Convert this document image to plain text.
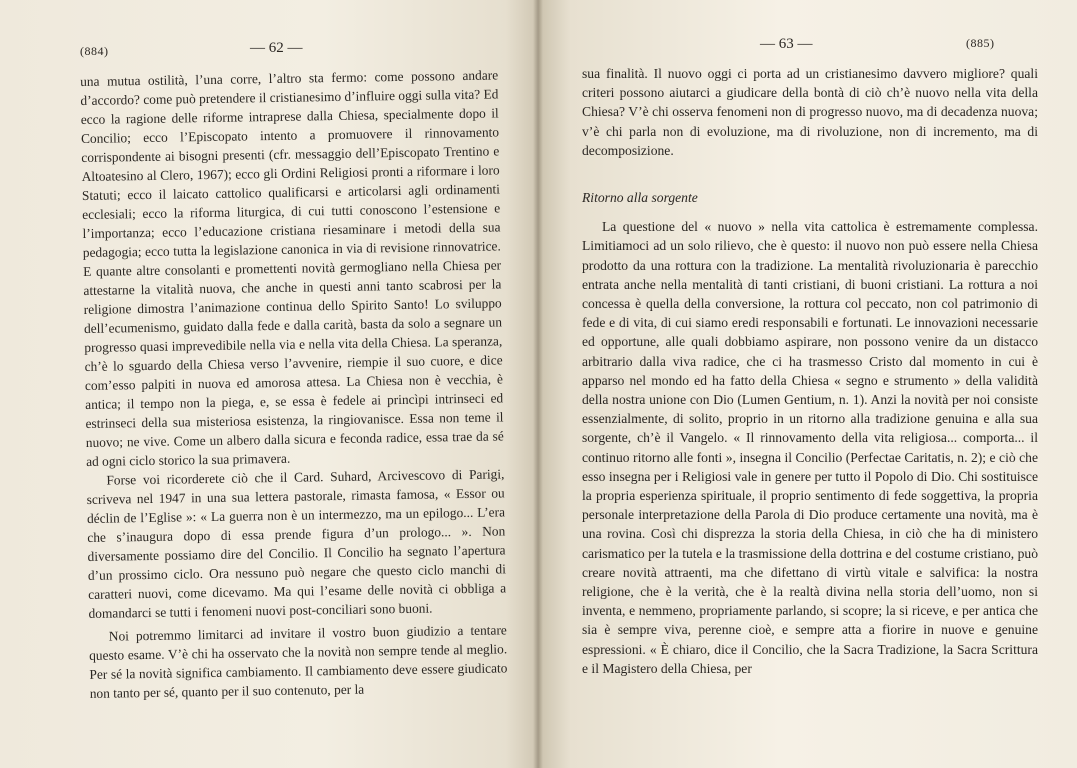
(884)	— 62 —

una mutua ostilità, l’una corre, l’altro sta fermo: come possono andare d’accordo? come può pretendere il cristianesimo d’influire oggi sulla vita? Ed ecco la ragione delle riforme intraprese dalla Chiesa, specialmente dopo il Concilio; ecco l’Episcopato intento a promuovere il rinnovamento corrispondente ai bisogni presenti (cfr. messaggio dell’Episcopato Trentino e Altoatesino al Clero, 1967); ecco gli Ordini Religiosi pronti a riformare i loro Statuti; ecco il laicato cattolico qualificarsi e articolarsi agli ordinamenti ecclesiali; ecco la riforma liturgica, di cui tutti conoscono l’estensione e l’importanza; ecco l’educazione cristiana riesaminare i metodi della sua pedagogia; ecco tutta la legislazione canonica in via di revisione rinnovatrice. E quante altre consolanti e promettenti novità germogliano nella Chiesa per attestarne la vitalità nuova, che anche in questi anni tanto scabrosi per la religione dimostra l’animazione continua dello Spirito Santo! Lo sviluppo dell’ecumenismo, guidato dalla fede e dalla carità, basta da solo a segnare un progresso quasi imprevedibile nella via e nella vita della Chiesa. La speranza, ch’è lo sguardo della Chiesa verso l’avvenire, riempie il suo cuore, e dice com’esso palpiti in nuova ed amorosa attesa. La Chiesa non è vecchia, è antica; il tempo non la piega, e, se essa è fedele ai princìpi intrinseci ed estrinseci della sua misteriosa esistenza, la ringiovanisce. Essa non teme il nuovo; ne vive. Come un albero dalla sicura e feconda radice, essa trae da sé ad ogni ciclo storico la sua primavera.

Forse voi ricorderete ciò che il Card. Suhard, Arcivescovo di Parigi, scriveva nel 1947 in una sua lettera pastorale, rimasta famosa, « Essor ou déclin de l’Eglise »: « La guerra non è un intermezzo, ma un epilogo... L’era che s’inaugura dopo di essa prende figura d’un prologo... ». Non diversamente possiamo dire del Concilio. Il Concilio ha segnato l’apertura d’un prossimo ciclo. Ora nessuno può negare che questo ciclo manchi di caratteri nuovi, come dicevamo. Ma qui l’esame delle novità ci obbliga a domandarci se tutti i fenomeni nuovi post-conciliari sono buoni.

Noi potremmo limitarci ad invitare il vostro buon giudizio a tentare questo esame. V’è chi ha osservato che la novità non sempre tende al meglio. Per sé la novità significa cambiamento. Il cambiamento deve essere giudicato non tanto per sé, quanto per il suo contenuto, per la

— 63 —	(885)

sua finalità. Il nuovo oggi ci porta ad un cristianesimo davvero migliore? quali criteri possono aiutarci a giudicare della bontà di ciò ch’è nuovo nella vita della Chiesa? V’è chi osserva fenomeni non di progresso nuovo, ma di decadenza nuova; v’è chi parla non di evoluzione, ma di rivoluzione, non di incremento, ma di decomposizione.

Ritorno alla sorgente

La questione del « nuovo » nella vita cattolica è estremamente complessa. Limitiamoci ad un solo rilievo, che è questo: il nuovo non può essere nella Chiesa prodotto da una rottura con la tradizione. La mentalità rivoluzionaria è parecchio entrata anche nella mentalità di tanti cristiani, di buoni cristiani. La rottura a noi concessa è quella della conversione, la rottura col peccato, non col patrimonio di fede e di vita, di cui siamo eredi responsabili e fortunati. Le innovazioni necessarie ed opportune, alle quali dobbiamo aspirare, non possono venire da un distacco arbitrario dalla viva radice, che ci ha trasmesso Cristo dal momento in cui è apparso nel mondo ed ha fatto della Chiesa « segno e strumento » della validità della nostra unione con Dio (Lumen Gentium, n. 1). Anzi la novità per noi consiste essenzialmente, di solito, proprio in un ritorno alla tradizione genuina e alla sua sorgente, ch’è il Vangelo. « Il rinnovamento della vita religiosa... comporta... il continuo ritorno alle fonti », insegna il Concilio (Perfectae Caritatis, n. 2); e ciò che esso insegna per i Religiosi vale in genere per tutto il Popolo di Dio. Chi sostituisce la propria esperienza spirituale, il proprio sentimento di fede soggettiva, la propria personale interpretazione della Parola di Dio produce certamente una novità, ma è una rovina. Così chi disprezza la storia della Chiesa, in ciò che ha di ministero carismatico per la tutela e la trasmissione della dottrina e del costume cristiano, può creare novità attraenti, ma che difettano di virtù vitale e salvifica: la nostra religione, che è la verità, che è la realtà divina nella storia dell’uomo, non si inventa, e nemmeno, propriamente parlando, si scopre; la si riceve, e per antica che sia è sempre viva, perenne cioè, e sempre atta a fiorire in nuove e genuine espressioni. « È chiaro, dice il Concilio, che la Sacra Tradizione, la Sacra Scrittura e il Magistero della Chiesa, per
